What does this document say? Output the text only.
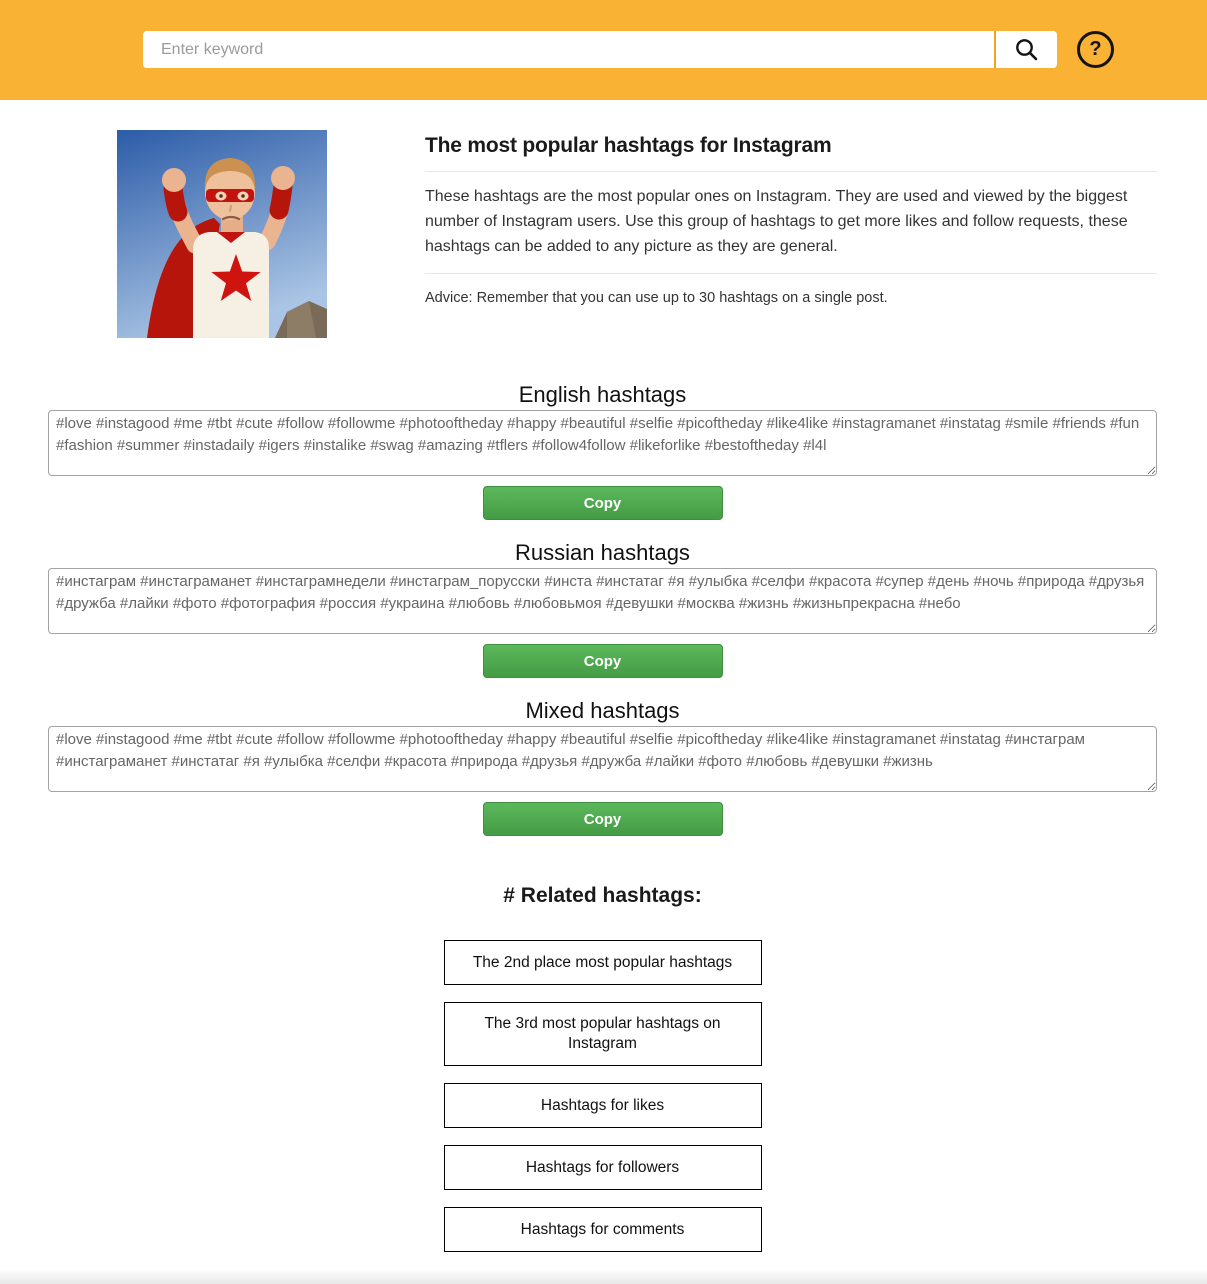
Enter keyword
?
The most popular hashtags for Instagram

These hashtags are the most popular ones on Instagram. They are used and viewed by the biggest number of Instagram users. Use this group of hashtags to get more likes and follow requests, these hashtags can be added to any picture as they are general.

Advice: Remember that you can use up to 30 hashtags on a single post.

English hashtags
#love #instagood #me #tbt #cute #follow #followme #photooftheday #happy #beautiful #selfie #picoftheday #like4like #instagramanet #instatag #smile #friends #fun #fashion #summer #instadaily #igers #instalike #swag #amazing #tflers #follow4follow #likeforlike #bestoftheday #l4l Copy
Russian hashtags
#инстаграм #инстаграманет #инстаграмнедели #инстаграм_порусски #инста #инстатаг #я #улыбка #селфи #красота #супер #день #ночь #природа #друзья #дружба #лайки #фото #фотография #россия #украина #любовь #любовьмоя #девушки #москва #жизнь #жизньпрекрасна #небо Copy
Mixed hashtags
#love #instagood #me #tbt #cute #follow #followme #photooftheday #happy #beautiful #selfie #picoftheday #like4like #instagramanet #instatag #инстаграм #инстаграманет #инстатаг #я #улыбка #селфи #красота #природа #друзья #дружба #лайки #фото #любовь #девушки #жизнь Copy
# Related hashtags:
The 2nd place most popular hashtags
The 3rd most popular hashtags on Instagram
Hashtags for likes
Hashtags for followers
Hashtags for comments
